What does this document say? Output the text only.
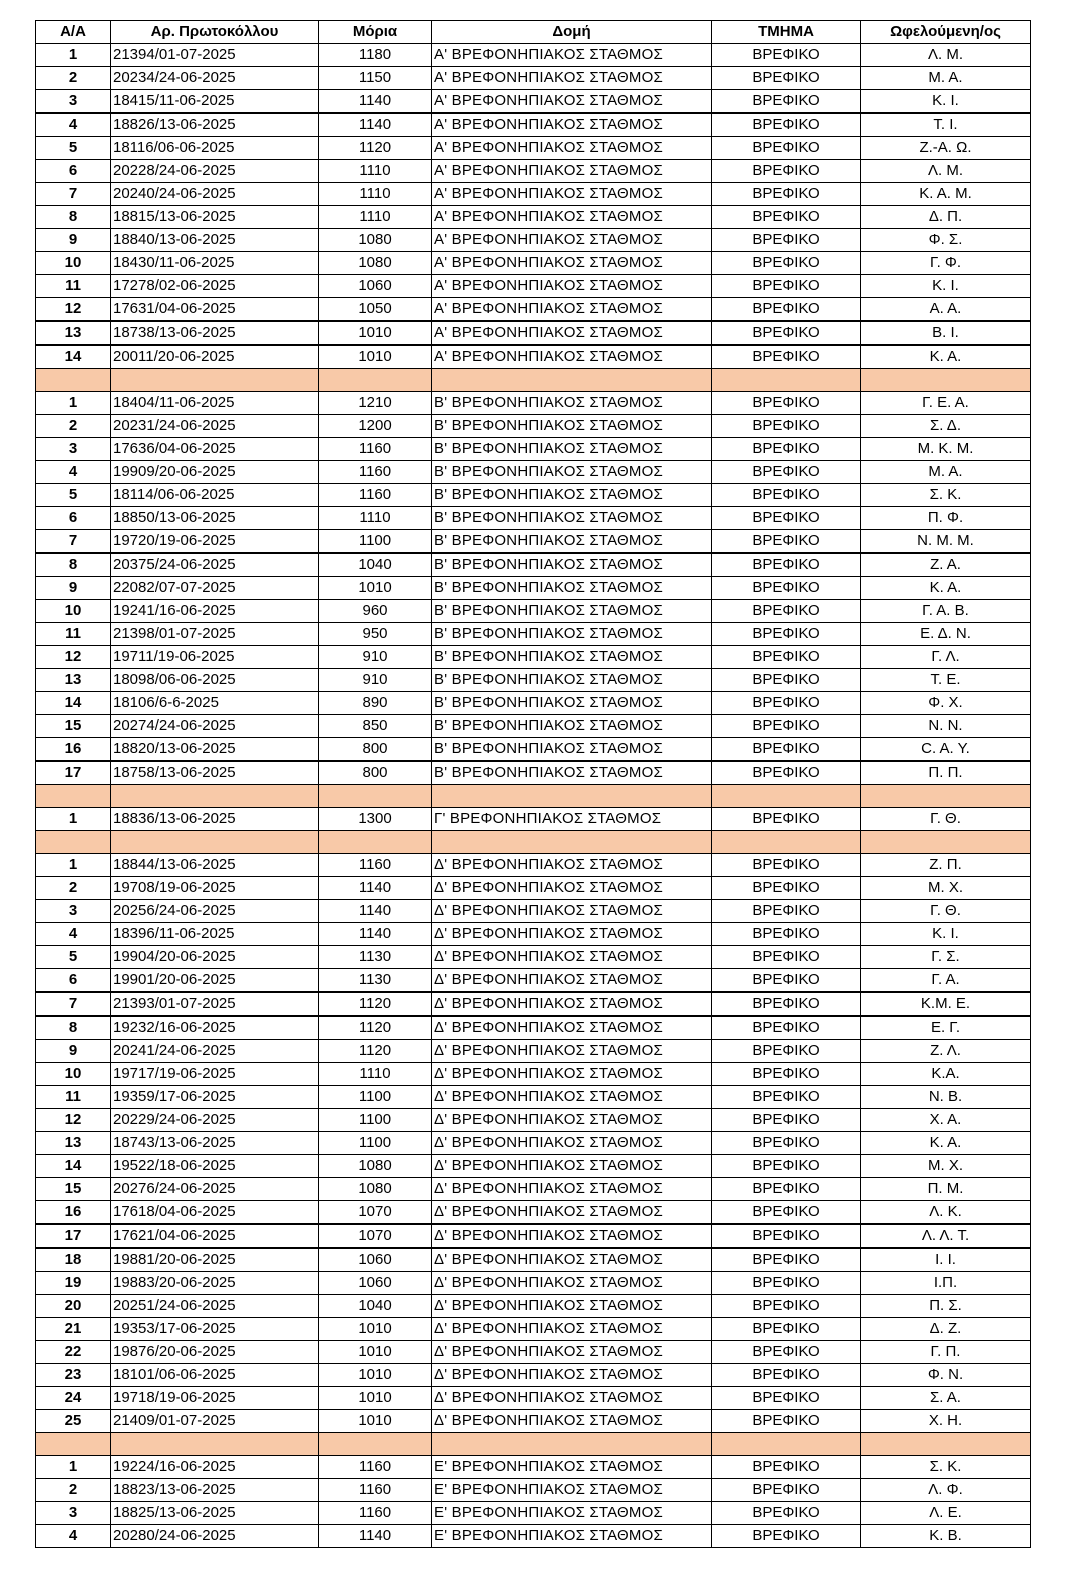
Α/Α	Αρ. Πρωτοκόλλου	Μόρια	Δομή	ΤΜΗΜΑ	Ωφελούμενη/ος
1	21394/01-07-2025	1180	Α' ΒΡΕΦΟΝΗΠΙΑΚΟΣ ΣΤΑΘΜΟΣ	ΒΡΕΦΙΚΟ	Λ. Μ.
2	20234/24-06-2025	1150	Α' ΒΡΕΦΟΝΗΠΙΑΚΟΣ ΣΤΑΘΜΟΣ	ΒΡΕΦΙΚΟ	Μ. Α.
3	18415/11-06-2025	1140	Α' ΒΡΕΦΟΝΗΠΙΑΚΟΣ ΣΤΑΘΜΟΣ	ΒΡΕΦΙΚΟ	Κ. Ι.
4	18826/13-06-2025	1140	Α' ΒΡΕΦΟΝΗΠΙΑΚΟΣ ΣΤΑΘΜΟΣ	ΒΡΕΦΙΚΟ	Τ. Ι.
5	18116/06-06-2025	1120	Α' ΒΡΕΦΟΝΗΠΙΑΚΟΣ ΣΤΑΘΜΟΣ	ΒΡΕΦΙΚΟ	Ζ.-Α. Ω.
6	20228/24-06-2025	1110	Α' ΒΡΕΦΟΝΗΠΙΑΚΟΣ ΣΤΑΘΜΟΣ	ΒΡΕΦΙΚΟ	Λ. Μ.
7	20240/24-06-2025	1110	Α' ΒΡΕΦΟΝΗΠΙΑΚΟΣ ΣΤΑΘΜΟΣ	ΒΡΕΦΙΚΟ	Κ. Α. Μ.
8	18815/13-06-2025	1110	Α' ΒΡΕΦΟΝΗΠΙΑΚΟΣ ΣΤΑΘΜΟΣ	ΒΡΕΦΙΚΟ	Δ. Π.
9	18840/13-06-2025	1080	Α' ΒΡΕΦΟΝΗΠΙΑΚΟΣ ΣΤΑΘΜΟΣ	ΒΡΕΦΙΚΟ	Φ. Σ.
10	18430/11-06-2025	1080	Α' ΒΡΕΦΟΝΗΠΙΑΚΟΣ ΣΤΑΘΜΟΣ	ΒΡΕΦΙΚΟ	Γ. Φ.
11	17278/02-06-2025	1060	Α' ΒΡΕΦΟΝΗΠΙΑΚΟΣ ΣΤΑΘΜΟΣ	ΒΡΕΦΙΚΟ	Κ. Ι.
12	17631/04-06-2025	1050	Α' ΒΡΕΦΟΝΗΠΙΑΚΟΣ ΣΤΑΘΜΟΣ	ΒΡΕΦΙΚΟ	Α. Α.
13	18738/13-06-2025	1010	Α' ΒΡΕΦΟΝΗΠΙΑΚΟΣ ΣΤΑΘΜΟΣ	ΒΡΕΦΙΚΟ	Β. Ι.
14	20011/20-06-2025	1010	Α' ΒΡΕΦΟΝΗΠΙΑΚΟΣ ΣΤΑΘΜΟΣ	ΒΡΕΦΙΚΟ	Κ. Α.

1	18404/11-06-2025	1210	Β' ΒΡΕΦΟΝΗΠΙΑΚΟΣ ΣΤΑΘΜΟΣ	ΒΡΕΦΙΚΟ	Γ. Ε. Α.
2	20231/24-06-2025	1200	Β' ΒΡΕΦΟΝΗΠΙΑΚΟΣ ΣΤΑΘΜΟΣ	ΒΡΕΦΙΚΟ	Σ. Δ.
3	17636/04-06-2025	1160	Β' ΒΡΕΦΟΝΗΠΙΑΚΟΣ ΣΤΑΘΜΟΣ	ΒΡΕΦΙΚΟ	Μ. Κ. Μ.
4	19909/20-06-2025	1160	Β' ΒΡΕΦΟΝΗΠΙΑΚΟΣ ΣΤΑΘΜΟΣ	ΒΡΕΦΙΚΟ	Μ. Α.
5	18114/06-06-2025	1160	Β' ΒΡΕΦΟΝΗΠΙΑΚΟΣ ΣΤΑΘΜΟΣ	ΒΡΕΦΙΚΟ	Σ. Κ.
6	18850/13-06-2025	1110	Β' ΒΡΕΦΟΝΗΠΙΑΚΟΣ ΣΤΑΘΜΟΣ	ΒΡΕΦΙΚΟ	Π. Φ.
7	19720/19-06-2025	1100	Β' ΒΡΕΦΟΝΗΠΙΑΚΟΣ ΣΤΑΘΜΟΣ	ΒΡΕΦΙΚΟ	Ν. Μ. Μ.
8	20375/24-06-2025	1040	Β' ΒΡΕΦΟΝΗΠΙΑΚΟΣ ΣΤΑΘΜΟΣ	ΒΡΕΦΙΚΟ	Ζ. Α.
9	22082/07-07-2025	1010	Β' ΒΡΕΦΟΝΗΠΙΑΚΟΣ ΣΤΑΘΜΟΣ	ΒΡΕΦΙΚΟ	Κ. Α.
10	19241/16-06-2025	960	Β' ΒΡΕΦΟΝΗΠΙΑΚΟΣ ΣΤΑΘΜΟΣ	ΒΡΕΦΙΚΟ	Γ. Α. Β.
11	21398/01-07-2025	950	Β' ΒΡΕΦΟΝΗΠΙΑΚΟΣ ΣΤΑΘΜΟΣ	ΒΡΕΦΙΚΟ	Ε. Δ. Ν.
12	19711/19-06-2025	910	Β' ΒΡΕΦΟΝΗΠΙΑΚΟΣ ΣΤΑΘΜΟΣ	ΒΡΕΦΙΚΟ	Γ. Λ.
13	18098/06-06-2025	910	Β' ΒΡΕΦΟΝΗΠΙΑΚΟΣ ΣΤΑΘΜΟΣ	ΒΡΕΦΙΚΟ	Τ. Ε.
14	18106/6-6-2025	890	Β' ΒΡΕΦΟΝΗΠΙΑΚΟΣ ΣΤΑΘΜΟΣ	ΒΡΕΦΙΚΟ	Φ. Χ.
15	20274/24-06-2025	850	Β' ΒΡΕΦΟΝΗΠΙΑΚΟΣ ΣΤΑΘΜΟΣ	ΒΡΕΦΙΚΟ	Ν. Ν.
16	18820/13-06-2025	800	Β' ΒΡΕΦΟΝΗΠΙΑΚΟΣ ΣΤΑΘΜΟΣ	ΒΡΕΦΙΚΟ	C. A. Y.
17	18758/13-06-2025	800	Β' ΒΡΕΦΟΝΗΠΙΑΚΟΣ ΣΤΑΘΜΟΣ	ΒΡΕΦΙΚΟ	Π. Π.

1	18836/13-06-2025	1300	Γ' ΒΡΕΦΟΝΗΠΙΑΚΟΣ ΣΤΑΘΜΟΣ	ΒΡΕΦΙΚΟ	Γ. Θ.

1	18844/13-06-2025	1160	Δ' ΒΡΕΦΟΝΗΠΙΑΚΟΣ ΣΤΑΘΜΟΣ	ΒΡΕΦΙΚΟ	Ζ. Π.
2	19708/19-06-2025	1140	Δ' ΒΡΕΦΟΝΗΠΙΑΚΟΣ ΣΤΑΘΜΟΣ	ΒΡΕΦΙΚΟ	Μ. Χ.
3	20256/24-06-2025	1140	Δ' ΒΡΕΦΟΝΗΠΙΑΚΟΣ ΣΤΑΘΜΟΣ	ΒΡΕΦΙΚΟ	Γ. Θ.
4	18396/11-06-2025	1140	Δ' ΒΡΕΦΟΝΗΠΙΑΚΟΣ ΣΤΑΘΜΟΣ	ΒΡΕΦΙΚΟ	Κ. Ι.
5	19904/20-06-2025	1130	Δ' ΒΡΕΦΟΝΗΠΙΑΚΟΣ ΣΤΑΘΜΟΣ	ΒΡΕΦΙΚΟ	Γ. Σ.
6	19901/20-06-2025	1130	Δ' ΒΡΕΦΟΝΗΠΙΑΚΟΣ ΣΤΑΘΜΟΣ	ΒΡΕΦΙΚΟ	Γ. Α.
7	21393/01-07-2025	1120	Δ' ΒΡΕΦΟΝΗΠΙΑΚΟΣ ΣΤΑΘΜΟΣ	ΒΡΕΦΙΚΟ	Κ.Μ. Ε.
8	19232/16-06-2025	1120	Δ' ΒΡΕΦΟΝΗΠΙΑΚΟΣ ΣΤΑΘΜΟΣ	ΒΡΕΦΙΚΟ	Ε. Γ.
9	20241/24-06-2025	1120	Δ' ΒΡΕΦΟΝΗΠΙΑΚΟΣ ΣΤΑΘΜΟΣ	ΒΡΕΦΙΚΟ	Ζ. Λ.
10	19717/19-06-2025	1110	Δ' ΒΡΕΦΟΝΗΠΙΑΚΟΣ ΣΤΑΘΜΟΣ	ΒΡΕΦΙΚΟ	Κ.Α.
11	19359/17-06-2025	1100	Δ' ΒΡΕΦΟΝΗΠΙΑΚΟΣ ΣΤΑΘΜΟΣ	ΒΡΕΦΙΚΟ	Ν. Β.
12	20229/24-06-2025	1100	Δ' ΒΡΕΦΟΝΗΠΙΑΚΟΣ ΣΤΑΘΜΟΣ	ΒΡΕΦΙΚΟ	Χ. Α.
13	18743/13-06-2025	1100	Δ' ΒΡΕΦΟΝΗΠΙΑΚΟΣ ΣΤΑΘΜΟΣ	ΒΡΕΦΙΚΟ	Κ. Α.
14	19522/18-06-2025	1080	Δ' ΒΡΕΦΟΝΗΠΙΑΚΟΣ ΣΤΑΘΜΟΣ	ΒΡΕΦΙΚΟ	Μ. Χ.
15	20276/24-06-2025	1080	Δ' ΒΡΕΦΟΝΗΠΙΑΚΟΣ ΣΤΑΘΜΟΣ	ΒΡΕΦΙΚΟ	Π. Μ.
16	17618/04-06-2025	1070	Δ' ΒΡΕΦΟΝΗΠΙΑΚΟΣ ΣΤΑΘΜΟΣ	ΒΡΕΦΙΚΟ	Λ. Κ.
17	17621/04-06-2025	1070	Δ' ΒΡΕΦΟΝΗΠΙΑΚΟΣ ΣΤΑΘΜΟΣ	ΒΡΕΦΙΚΟ	Λ. Λ. Τ.
18	19881/20-06-2025	1060	Δ' ΒΡΕΦΟΝΗΠΙΑΚΟΣ ΣΤΑΘΜΟΣ	ΒΡΕΦΙΚΟ	Ι. Ι.
19	19883/20-06-2025	1060	Δ' ΒΡΕΦΟΝΗΠΙΑΚΟΣ ΣΤΑΘΜΟΣ	ΒΡΕΦΙΚΟ	Ι.Π.
20	20251/24-06-2025	1040	Δ' ΒΡΕΦΟΝΗΠΙΑΚΟΣ ΣΤΑΘΜΟΣ	ΒΡΕΦΙΚΟ	Π. Σ.
21	19353/17-06-2025	1010	Δ' ΒΡΕΦΟΝΗΠΙΑΚΟΣ ΣΤΑΘΜΟΣ	ΒΡΕΦΙΚΟ	Δ. Ζ.
22	19876/20-06-2025	1010	Δ' ΒΡΕΦΟΝΗΠΙΑΚΟΣ ΣΤΑΘΜΟΣ	ΒΡΕΦΙΚΟ	Γ. Π.
23	18101/06-06-2025	1010	Δ' ΒΡΕΦΟΝΗΠΙΑΚΟΣ ΣΤΑΘΜΟΣ	ΒΡΕΦΙΚΟ	Φ. Ν.
24	19718/19-06-2025	1010	Δ' ΒΡΕΦΟΝΗΠΙΑΚΟΣ ΣΤΑΘΜΟΣ	ΒΡΕΦΙΚΟ	Σ. Α.
25	21409/01-07-2025	1010	Δ' ΒΡΕΦΟΝΗΠΙΑΚΟΣ ΣΤΑΘΜΟΣ	ΒΡΕΦΙΚΟ	Χ. Η.

1	19224/16-06-2025	1160	Ε' ΒΡΕΦΟΝΗΠΙΑΚΟΣ ΣΤΑΘΜΟΣ	ΒΡΕΦΙΚΟ	Σ. Κ.
2	18823/13-06-2025	1160	Ε' ΒΡΕΦΟΝΗΠΙΑΚΟΣ ΣΤΑΘΜΟΣ	ΒΡΕΦΙΚΟ	Λ. Φ.
3	18825/13-06-2025	1160	Ε' ΒΡΕΦΟΝΗΠΙΑΚΟΣ ΣΤΑΘΜΟΣ	ΒΡΕΦΙΚΟ	Λ. Ε.
4	20280/24-06-2025	1140	Ε' ΒΡΕΦΟΝΗΠΙΑΚΟΣ ΣΤΑΘΜΟΣ	ΒΡΕΦΙΚΟ	Κ. Β.
